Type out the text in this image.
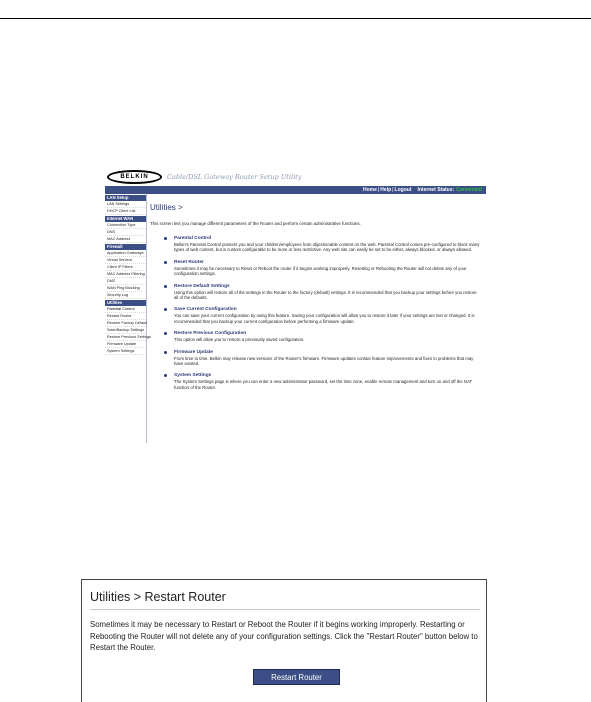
BELKIN	Cable/DSL Gateway Router Setup Utility
Home | Help | Logout Internet Status: Connected
LAN Setup
LAN Settings
DHCP Client List
Internet WAN
Connection Type
DNS
MAC Address
Firewall
Application Gateways
Virtual Servers
Client IP Filters
MAC Address Filtering
DMZ
WAN Ping Blocking
Security Log
Utilities
Parental Control
Restart Router
Restore Factory Default
Save/Backup Settings
Restore Previous Settings
Firmware Update
System Settings
Utilities >
This screen lets you manage different parameters of the Router and perform certain administrative functions.
Parental Control
Belkin's Parental Control protects you and your children/employees from objectionable content on the web. Parental Control comes pre-configured to block many types of web content, but is custom configurable to be more or less restrictive. Any web site can easily be set to be either, always blocked, or always allowed.
Reset Router
Sometimes it may be necessary to Reset or Reboot the router if it begins working improperly. Resetting or Rebooting the Router will not delete any of your configuration settings.
Restore Default Settings
Using this option will restore all of the settings in the Router to the factory (default) settings. It is recommended that you backup your settings before you restore all of the defaults.
Save Current Configuration
You can save your current configuration by using this feature. Saving your configuration will allow you to restore it later if your settings are lost or changed. It is recommended that you backup your current configuration before performing a firmware update.
Restore Previous Configuration
This option will allow you to restore a previously saved configuration.
Firmware Update
From time to time, Belkin may release new versions of the Router's firmware. Firmware updates contain feature improvements and fixes to problems that may have existed.
System Settings
The System Settings page is where you can enter a new administrator password, set the time zone, enable remote management and turn on and off the NAT function of the Router.
Utilities > Restart Router
Sometimes it may be necessary to Restart or Reboot the Router if it begins working improperly. Restarting or Rebooting the Router will not delete any of your configuration settings. Click the "Restart Router" button below to Restart the Router.
Restart Router
